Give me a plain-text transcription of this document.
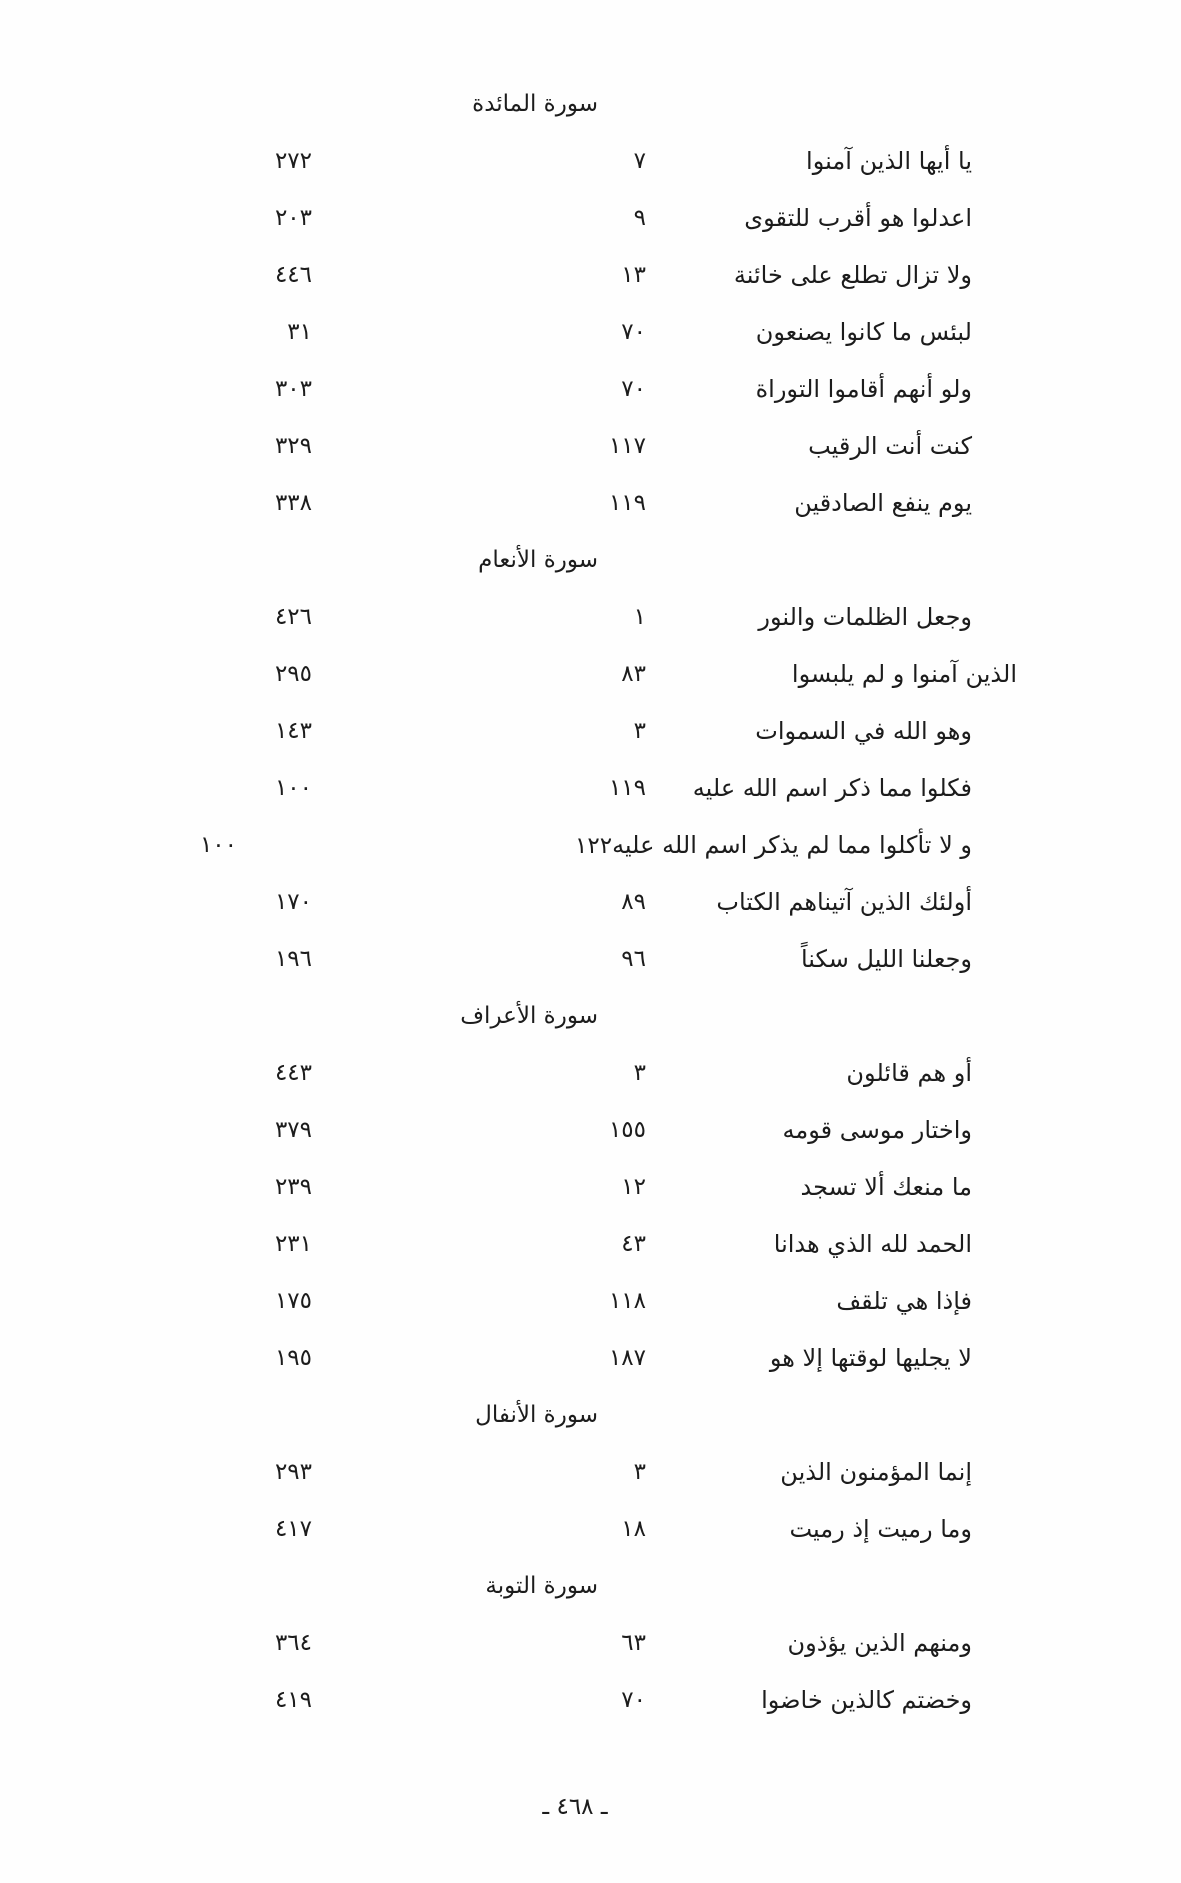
سورة المائدة
يا أيها الذين آمنوا
٧
٢٧٢
اعدلوا هو أقرب للتقوى
٩
٢٠٣
ولا تزال تطلع على خائنة
١٣
٤٤٦
لبئس ما كانوا يصنعون
٧٠
٣١
ولو أنهم أقاموا التوراة
٧٠
٣٠٣
كنت أنت الرقيب
١١٧
٣٢٩
يوم ينفع الصادقين
١١٩
٣٣٨
سورة الأنعام
وجعل الظلمات والنور
١
٤٢٦
الذين آمنوا و لم يلبسوا
٨٣
٢٩٥
وهو الله في السموات
٣
١٤٣
فكلوا مما ذكر اسم الله عليه
١١٩
١٠٠
و لا تأكلوا مما لم يذكر اسم الله عليه١٢٢
١٠٠
أولئك الذين آتيناهم الكتاب
٨٩
١٧٠
وجعلنا الليل سكناً
٩٦
١٩٦
سورة الأعراف
أو هم قائلون
٣
٤٤٣
واختار موسى قومه
١٥٥
٣٧٩
ما منعك ألا تسجد
١٢
٢٣٩
الحمد لله الذي هدانا
٤٣
٢٣١
فإذا هي تلقف
١١٨
١٧٥
لا يجليها لوقتها إلا هو
١٨٧
١٩٥
سورة الأنفال
إنما المؤمنون الذين
٣
٢٩٣
وما رميت إذ رميت
١٨
٤١٧
سورة التوبة
ومنهم الذين يؤذون
٦٣
٣٦٤
وخضتم كالذين خاضوا
٧٠
٤١٩
ـ ٤٦٨ ـ
